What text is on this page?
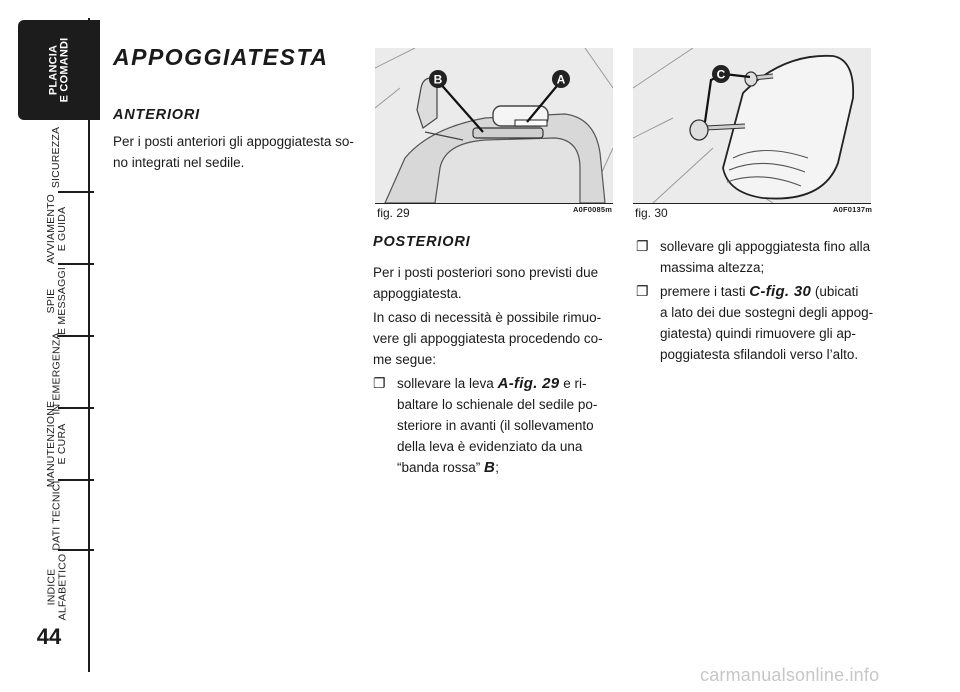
PLANCIA
E COMANDI
SICUREZZA
AVVIAMENTO
E GUIDA
SPIE
E MESSAGGI
IN EMERGENZA
MANUTENZIONE
E CURA
DATI TECNICI
INDICE
ALFABETICO
44
APPOGGIATESTA
ANTERIORI

Per i posti anteriori gli appoggiatesta so-
no integrati nel sedile.

B	A
fig. 29	A0F0085m
C
fig. 30	A0F0137m
POSTERIORI

Per i posti posteriori sono previsti due
appoggiatesta.

In caso di necessità è possibile rimuo-
vere gli appoggiatesta procedendo co-
me segue:

❐ sollevare la leva A-fig. 29 e ri-
baltare lo schienale del sedile po-
steriore in avanti (il sollevamento
della leva è evidenziato da una
“banda rossa” B;

❐ sollevare gli appoggiatesta fino alla
massima altezza;

❐ premere i tasti C-fig. 30 (ubicati
a lato dei due sostegni degli appog-
giatesta) quindi rimuovere gli ap-
poggiatesta sfilandoli verso l’alto.

carmanualsonline.info
